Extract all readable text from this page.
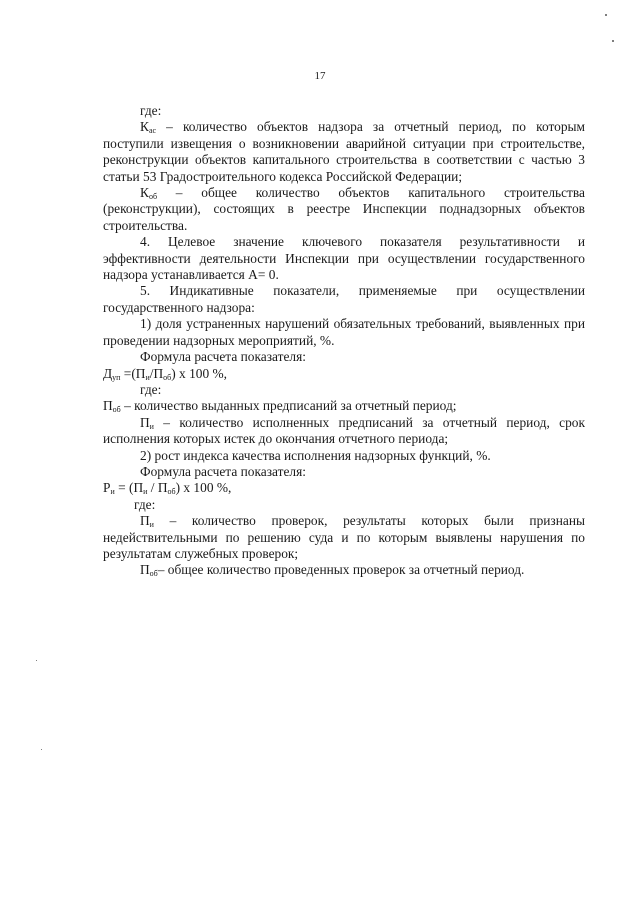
17

где:

$К_{ас}$ – количество объектов надзора за отчетный период, по которым поступили извещения о возникновении аварийной ситуации при строительстве, реконструкции объектов капитального строительства в соответствии с частью 3 статьи 53 Градостроительного кодекса Российской Федерации;

$К_{об}$ – общее количество объектов капитального строительства (реконструкции), состоящих в реестре Инспекции поднадзорных объектов строительства.

4. Целевое значение ключевого показателя результативности и эффективности деятельности Инспекции при осуществлении государственного надзора устанавливается А= 0.

5. Индикативные показатели, применяемые при осуществлении государственного надзора:

1) доля устраненных нарушений обязательных требований, выявленных при проведении надзорных мероприятий, %.

Формула расчета показателя:

$Д_{уп} =(П_и/П_{об})$ х 100 %,

где:

$П_{об}$ – количество выданных предписаний за отчетный период;

$П_и$ – количество исполненных предписаний за отчетный период, срок исполнения которых истек до окончания отчетного периода;

2) рост индекса качества исполнения надзорных функций, %.

Формула расчета показателя:

$Р_и = (П_и / П_{об})$ х 100 %,

где:

$П_и$ – количество проверок, результаты которых были признаны недействительными по решению суда и по которым выявлены нарушения по результатам служебных проверок;

$П_{об}-$ общее количество проведенных проверок за отчетный период.
